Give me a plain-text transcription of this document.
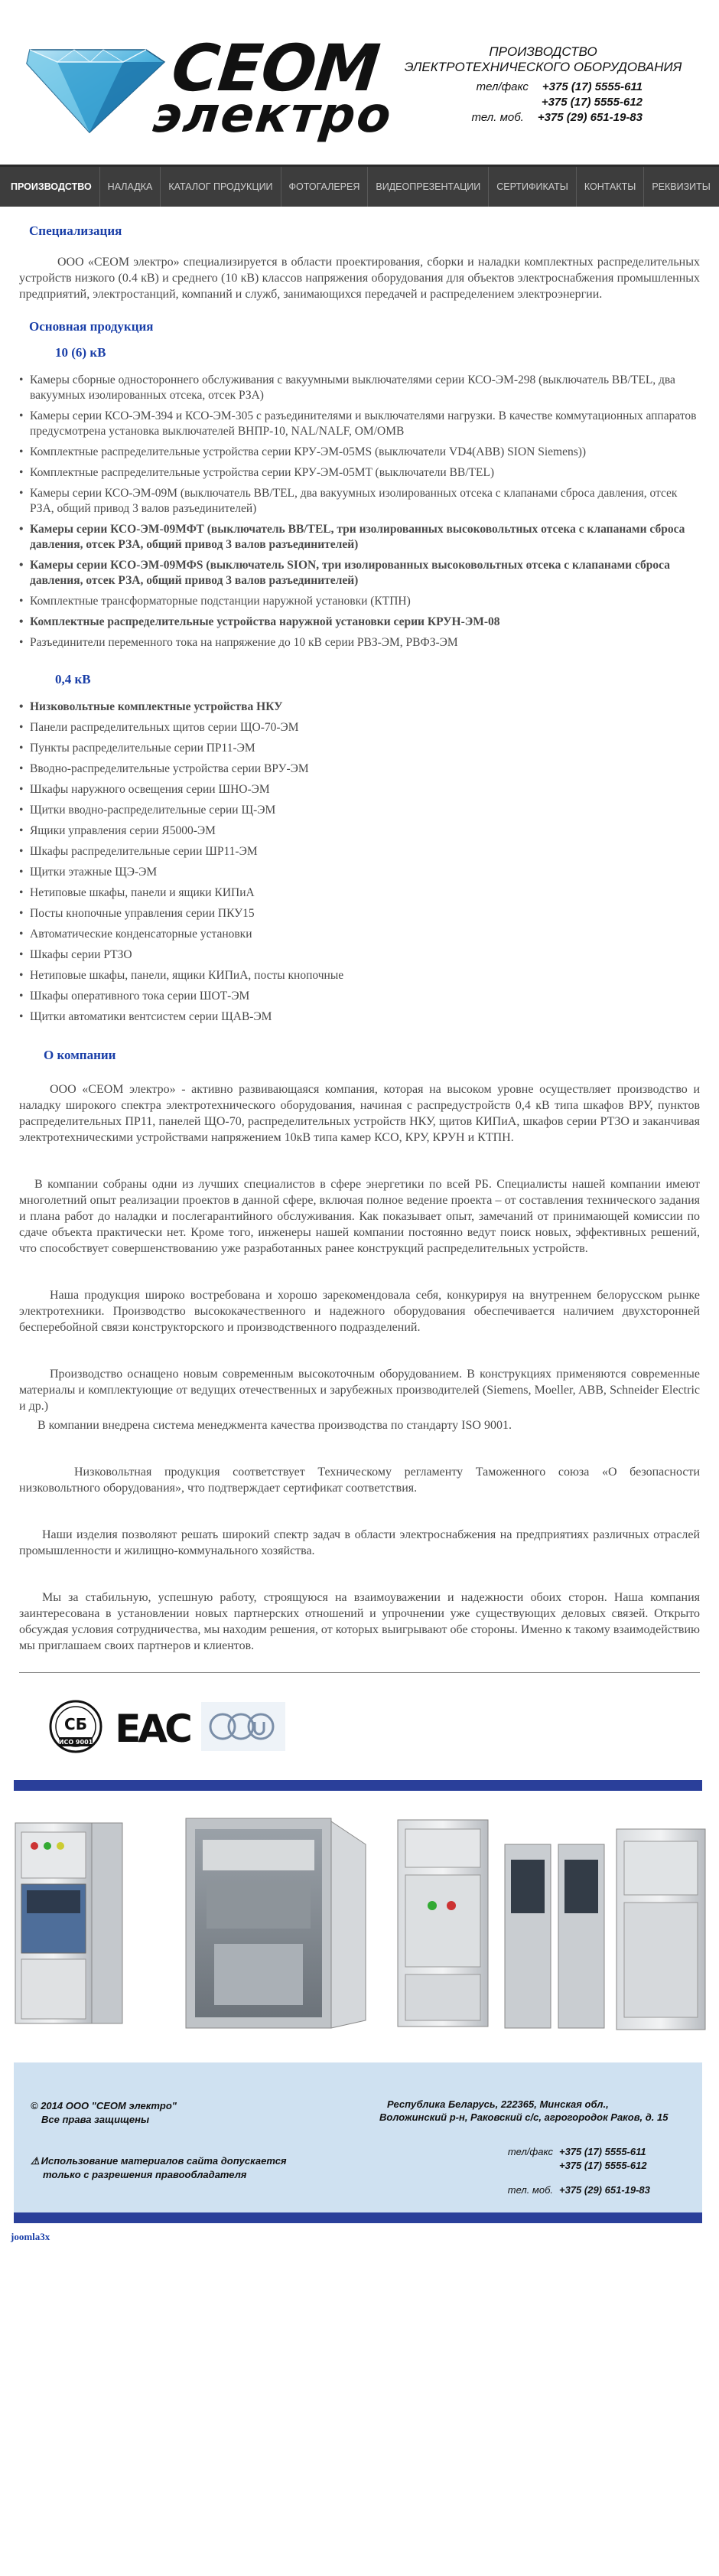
СЕОМ
электро
ПРОИЗВОДСТВО
ЭЛЕКТРОТЕХНИЧЕСКОГО ОБОРУДОВАНИЯ
тел/факс +375 (17) 5555-611
+375 (17) 5555-612
тел. моб. +375 (29) 651-19-83
ПРОИЗВОДСТВО	НАЛАДКА	КАТАЛОГ ПРОДУКЦИИ	ФОТОГАЛЕРЕЯ	ВИДЕОПРЕЗЕНТАЦИИ	СЕРТИФИКАТЫ	КОНТАКТЫ	РЕКВИЗИТЫ
Специализация

ООО «СЕОМ электро» специализируется в области проектирования, сборки и наладки комплектных распределительных устройств низкого (0.4 кВ) и среднего (10 кВ) классов напряжения оборудования для объектов электроснабжения промышленных предприятий, электростанций, компаний и служб, занимающихся передачей и распределением электроэнергии.

Основная продукция
10 (6) кВ
• Камеры сборные одностороннего обслуживания с вакуумными выключателями серии КСО-ЭМ-298 (выключатель BB/TEL, два вакуумных изолированных отсека, отсек РЗА)
• Камеры серии КСО-ЭМ-394 и КСО-ЭМ-305 с разъединителями и выключателями нагрузки. В качестве коммутационных аппаратов предусмотрена установка выключателей ВНПР-10, NAL/NALF, OM/OMB
• Комплектные распределительные устройства серии КРУ-ЭМ-05MS (выключатели VD4(ABB) SION Siemens))
• Комплектные распределительные устройства серии КРУ-ЭМ-05MT (выключатели BB/TEL)
• Камеры серии КСО-ЭМ-09М (выключатель BB/TEL, два вакуумных изолированных отсека с клапанами сброса давления, отсек РЗА, общий привод 3 валов разъединителей)
• Камеры серии КСО-ЭМ-09МФТ (выключатель BB/TEL, три изолированных высоковольтных отсека с клапанами сброса давления, отсек РЗА, общий привод 3 валов разъединителей)
• Камеры серии КСО-ЭМ-09МФS (выключатель SION, три изолированных высоковольтных отсека с клапанами сброса давления, отсек РЗА, общий привод 3 валов разъединителей)
• Комплектные трансформаторные подстанции наружной установки (КТПН)
• Комплектные распределительные устройства наружной установки серии КРУН-ЭМ-08
• Разъединители переменного тока на напряжение до 10 кВ серии РВЗ-ЭМ, РВФЗ-ЭМ
0,4 кВ
• Низковольтные комплектные устройства НКУ
• Панели распределительных щитов серии ЩО-70-ЭМ
• Пункты распределительные серии ПР11-ЭМ
• Вводно-распределительные устройства серии ВРУ-ЭМ
• Шкафы наружного освещения серии ШНО-ЭМ
• Щитки вводно-распределительные серии Щ-ЭМ
• Ящики управления серии Я5000-ЭМ
• Шкафы распределительные серии ШР11-ЭМ
• Щитки этажные ЩЭ-ЭМ
• Нетиповые шкафы, панели и ящики КИПиА
• Посты кнопочные управления серии ПКУ15
• Автоматические конденсаторные установки
• Шкафы серии РТЗО
• Нетиповые шкафы, панели, ящики КИПиА, посты кнопочные
• Шкафы оперативного тока серии ШОТ-ЭМ
• Щитки автоматики вентсистем серии ЩАВ-ЭМ
О компании

ООО «СЕОМ электро» - активно развивающаяся компания, которая на высоком уровне осуществляет производство и наладку широкого спектра электротехнического оборудования, начиная с распредустройств 0,4 кВ типа шкафов ВРУ, пунктов распределительных ПР11, панелей ЩО-70, распределительных устройств НКУ, щитов КИПиА, шкафов серии РТЗО и заканчивая электротехническими устройствами напряжением 10кВ типа камер КСО, КРУ, КРУН и КТПН.

В компании собраны одни из лучших специалистов в сфере энергетики по всей РБ. Специалисты нашей компании имеют многолетний опыт реализации проектов в данной сфере, включая полное ведение проекта – от составления технического задания и плана работ до наладки и послегарантийного обслуживания. Как показывает опыт, замечаний от принимающей комиссии по сдаче объекта практически нет. Кроме того, инженеры нашей компании постоянно ведут поиск новых, эффективных решений, что способствует совершенствованию уже разработанных ранее конструкций распределительных устройств.

Наша продукция широко востребована и хорошо зарекомендовала себя, конкурируя на внутреннем белорусском рынке электротехники. Производство высококачественного и надежного оборудования обеспечивается наличием двухсторонней бесперебойной связи конструкторского и производственного подразделений.

Производство оснащено новым современным высокоточным оборудованием. В конструкциях применяются современные материалы и комплектующие от ведущих отечественных и зарубежных производителей (Siemens, Moeller, ABB, Schneider Electric и др.)

В компании внедрена система менеджмента качества производства по стандарту ISO 9001.

Низковольтная продукция соответствует Техническому регламенту Таможенного союза «О безопасности низковольтного оборудования», что подтверждает сертификат соответствия.

Наши изделия позволяют решать широкий спектр задач в области электроснабжения на предприятиях различных отраслей промышленности и жилищно-коммунального хозяйства.

Мы за стабильную, успешную работу, строящуюся на взаимоуважении и надежности обоих сторон. Наша компания заинтересована в установлении новых партнерских отношений и упрочнении уже существующих деловых связей. Открыто обсуждая условия сотрудничества, мы находим решения, от которых выигрывают обе стороны. Именно к такому взаимодействию мы приглашаем своих партнеров и клиентов.

СБ
ИСО 9001 EAC
© 2014 ООО "СЕОМ электро"
Все права защищены
⚠ Использование материалов сайта допускается
только с разрешения правообладателя
Республика Беларусь, 222365, Минская обл.,
Воложинский р-н, Раковский с/с, агрогородок Раков, д. 15
тел/факс +375 (17) 5555-611
+375 (17) 5555-612
тел. моб. +375 (29) 651-19-83
joomla3x
